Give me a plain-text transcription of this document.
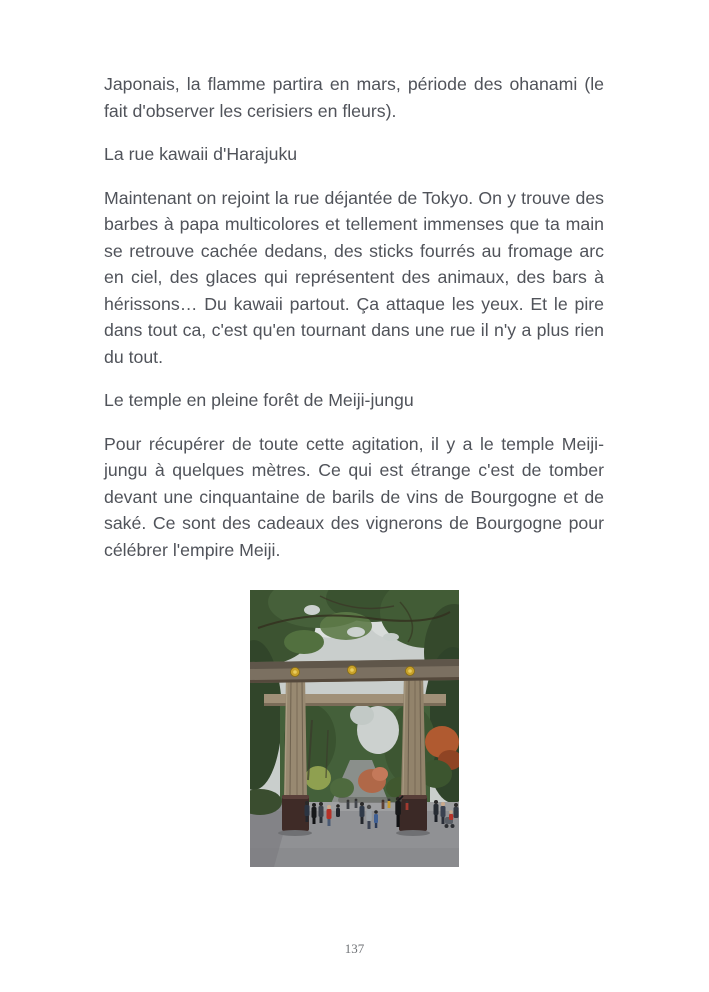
Japonais, la flamme partira en mars, période des ohanami (le fait d'observer les cerisiers en fleurs).

La rue kawaii d'Harajuku

Maintenant on rejoint la rue déjantée de Tokyo. On y trouve des barbes à papa multicolores et tellement immenses que ta main se retrouve cachée dedans, des sticks fourrés au fromage arc en ciel, des glaces qui représentent des animaux, des bars à hérissons… Du kawaii partout. Ça attaque les yeux. Et le pire dans tout ca, c'est qu'en tournant dans une rue il n'y a plus rien du tout.

Le temple en pleine forêt de Meiji-jungu

Pour récupérer de toute cette agitation, il y a le temple Meiji-jungu à quelques mètres. Ce qui est étrange c'est de tomber devant une cinquantaine de barils de vins de Bourgogne et de saké. Ce sont des cadeaux des vignerons de Bourgogne pour célébrer l'empire Meiji.

137
